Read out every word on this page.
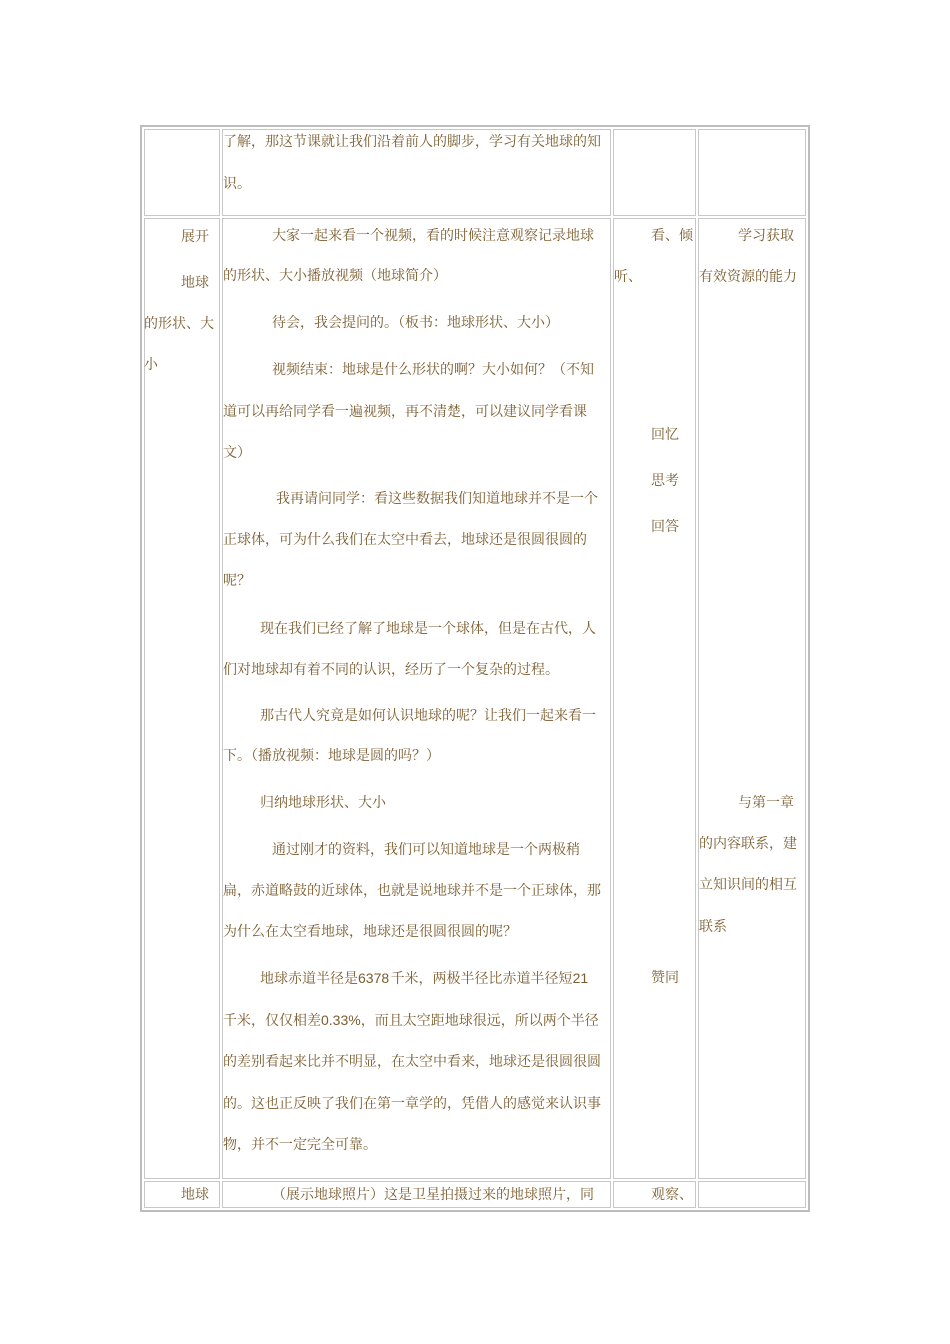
了解，那这节课就让我们沿着前人的脚步，学习有关地球的知
识。
展开
地球
的形状、大
小
大家一起来看一个视频，看的时候注意观察记录地球
的形状、大小播放视频（地球简介）
待会，我会提问的。（板书：地球形状、大小）
视频结束：地球是什么形状的啊？大小如何？（不知
道可以再给同学看一遍视频，再不清楚，可以建议同学看课
文）
我再请问同学：看这些数据我们知道地球并不是一个
正球体，可为什么我们在太空中看去，地球还是很圆很圆的
呢？
现在我们已经了解了地球是一个球体，但是在古代，人
们对地球却有着不同的认识，经历了一个复杂的过程。
那古代人究竟是如何认识地球的呢？让我们一起来看一
下。（播放视频：地球是圆的吗？）
归纳地球形状、大小
通过刚才的资料，我们可以知道地球是一个两极稍
扁，赤道略鼓的近球体，也就是说地球并不是一个正球体，那
为什么在太空看地球，地球还是很圆很圆的呢？
地球赤道半径是6378 千米，两极半径比赤道半径短21
千米，仅仅相差0.33%，而且太空距地球很远，所以两个半径
的差别看起来比并不明显，在太空中看来，地球还是很圆很圆
的。这也正反映了我们在第一章学的，凭借人的感觉来认识事
物，并不一定完全可靠。
看、倾
听、
回忆
思考
回答
赞同
学习获取
有效资源的能力
与第一章
的内容联系，建
立知识间的相互
联系
地球	（展示地球照片）这是卫星拍摄过来的地球照片，同	观察、
